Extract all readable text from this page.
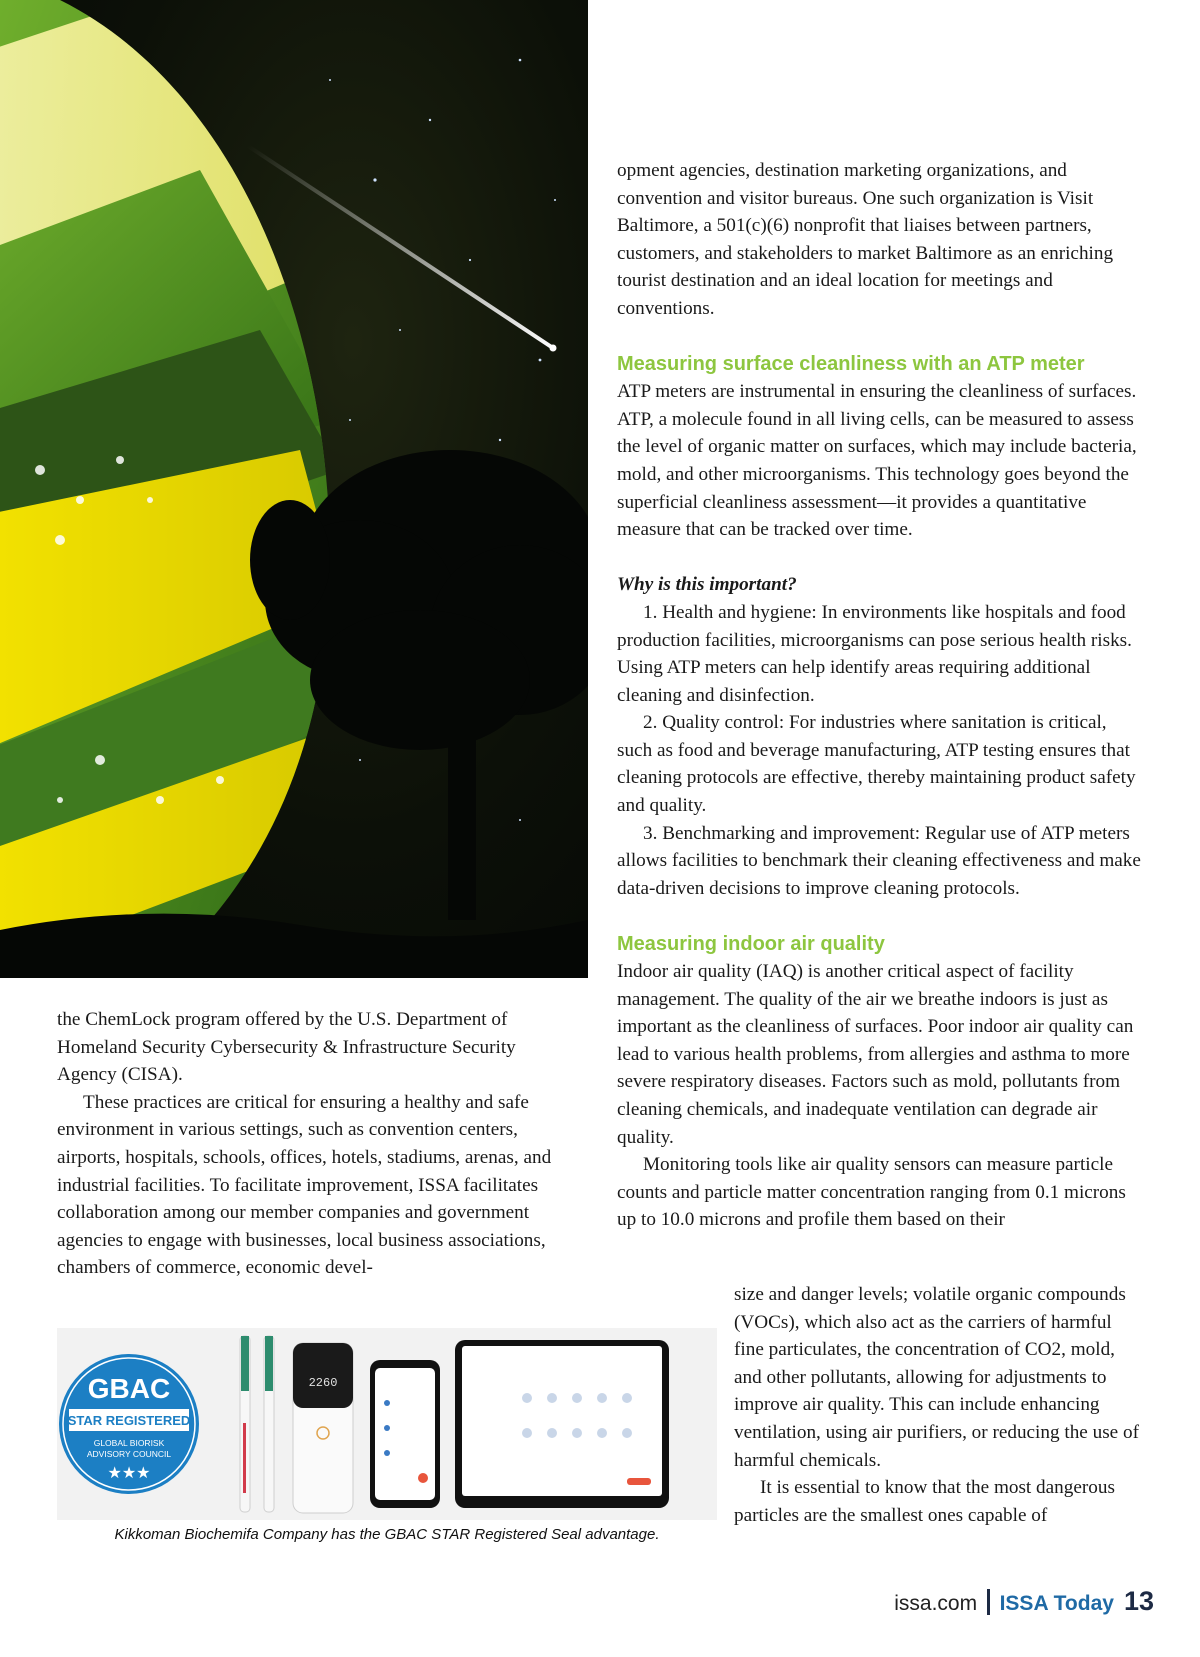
opment agencies, destination marketing organizations, and convention and visitor bureaus. One such organization is Visit Baltimore, a 501(c)(6) nonprofit that liaises between partners, customers, and stakeholders to market Baltimore as an enriching tourist destination and an ideal location for meetings and conventions.

Measuring surface cleanliness with an ATP meter

ATP meters are instrumental in ensuring the cleanliness of surfaces. ATP, a molecule found in all living cells, can be measured to assess the level of organic matter on surfaces, which may include bacteria, mold, and other microorganisms. This technology goes beyond the superficial cleanliness assessment—it provides a quantitative measure that can be tracked over time.

Why is this important?

1. Health and hygiene: In environments like hospitals and food production facilities, microorganisms can pose serious health risks. Using ATP meters can help identify areas requiring additional cleaning and disinfection.

2. Quality control: For industries where sanitation is critical, such as food and beverage manufacturing, ATP testing ensures that cleaning protocols are effective, thereby maintaining product safety and quality.

3. Benchmarking and improvement: Regular use of ATP meters allows facilities to benchmark their cleaning effectiveness and make data-driven decisions to improve cleaning protocols.

Measuring indoor air quality

Indoor air quality (IAQ) is another critical aspect of facility management. The quality of the air we breathe indoors is just as important as the cleanliness of surfaces. Poor indoor air quality can lead to various health problems, from allergies and asthma to more severe respiratory diseases. Factors such as mold, pollutants from cleaning chemicals, and inadequate ventilation can degrade air quality.

Monitoring tools like air quality sensors can measure particle counts and particle matter concentration ranging from 0.1 microns up to 10.0 microns and profile them based on their

size and danger levels; volatile organic compounds (VOCs), which also act as the carriers of harmful fine particulates, the concentration of CO2, mold, and other pollutants, allowing for adjustments to improve air quality. This can include enhancing ventilation, using air purifiers, or reducing the use of harmful chemicals.

It is essential to know that the most dangerous particles are the smallest ones capable of

the ChemLock program offered by the U.S. Department of Homeland Security Cybersecurity & Infrastructure Security Agency (CISA).

These practices are critical for ensuring a healthy and safe environment in various settings, such as convention centers, airports, hospitals, schools, offices, hotels, stadiums, arenas, and industrial facilities. To facilitate improvement, ISSA facilitates collaboration among our member companies and government agencies to engage with businesses, local business associations, chambers of commerce, economic devel-

GBAC
STAR REGISTERED
GLOBAL BIORISK
ADVISORY COUNCIL
★★★
2260
Kikkoman Biochemifa Company has the GBAC STAR Registered Seal advantage.
issa.com ISSA Today 13
